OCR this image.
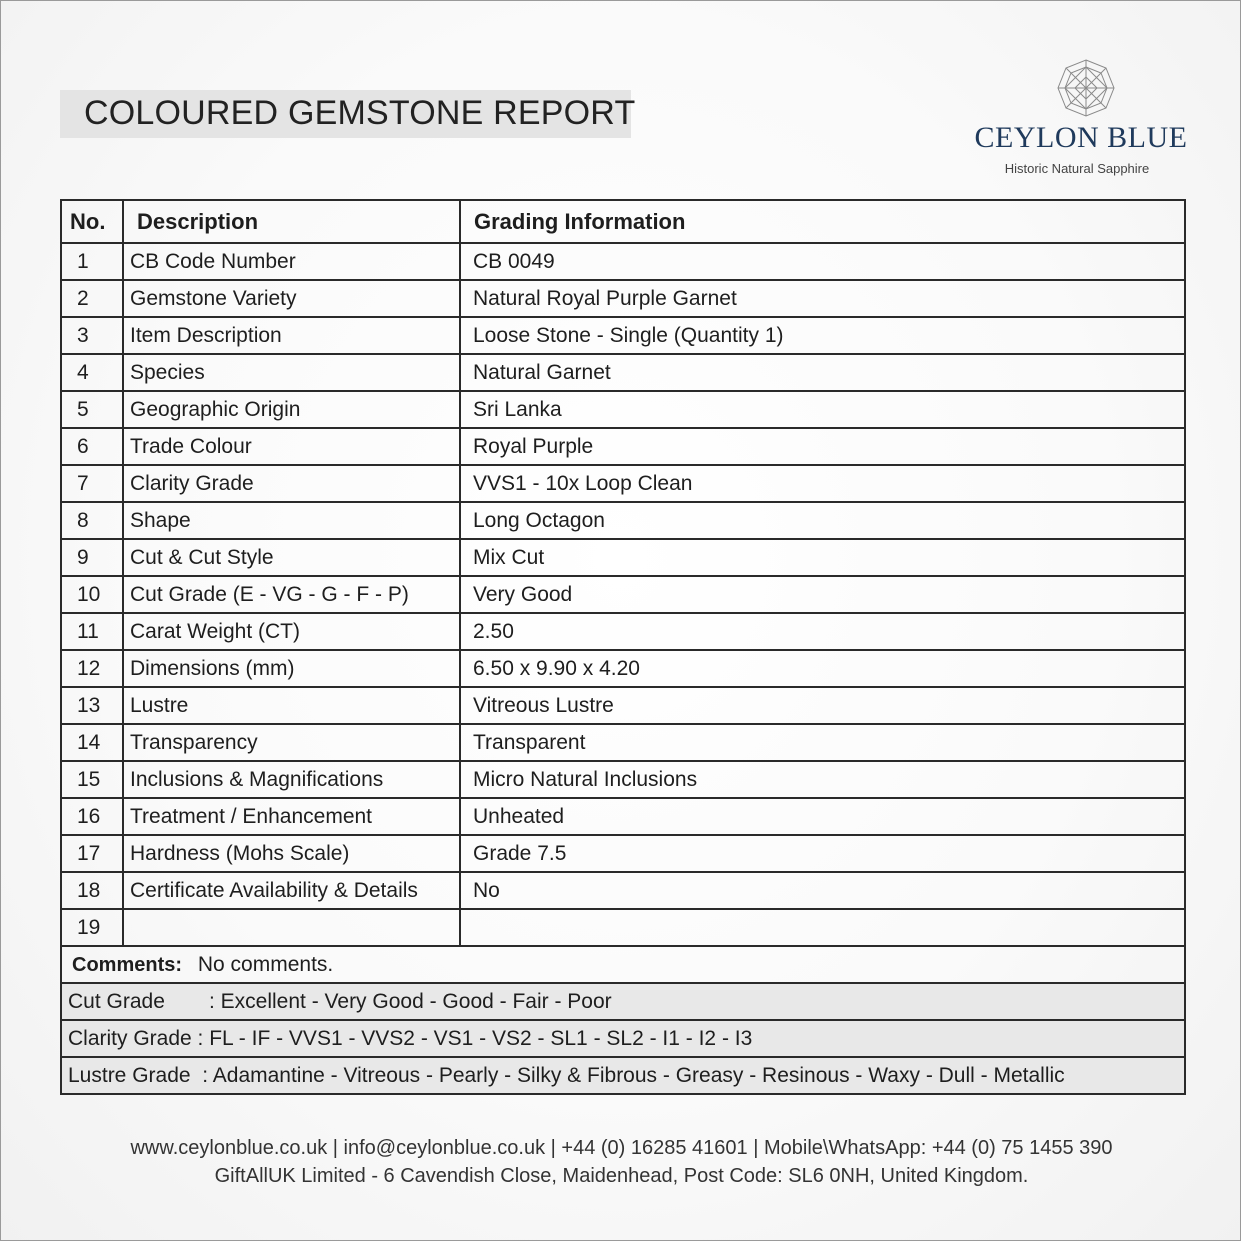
COLOURED GEMSTONE REPORT
CEYLON BLUE
Historic Natural Sapphire
No.	Description	Grading Information
1	CB Code Number	CB 0049
2	Gemstone Variety	Natural Royal Purple Garnet
3	Item Description	Loose Stone - Single (Quantity 1)
4	Species	Natural Garnet
5	Geographic Origin	Sri Lanka
6	Trade Colour	Royal Purple
7	Clarity Grade	VVS1 - 10x Loop Clean
8	Shape	Long Octagon
9	Cut & Cut Style	Mix Cut
10	Cut Grade (E - VG - G - F - P)	Very Good
11	Carat Weight (CT)	2.50
12	Dimensions (mm)	6.50 x 9.90 x 4.20
13	Lustre	Vitreous Lustre
14	Transparency	Transparent
15	Inclusions & Magnifications	Micro Natural Inclusions
16	Treatment / Enhancement	Unheated
17	Hardness (Mohs Scale)	Grade 7.5
18	Certificate Availability & Details	No
19		
Comments: No comments.		
Cut Grade : Excellent - Very Good - Good - Fair - Poor		
Clarity Grade : FL - IF - VVS1 - VVS2 - VS1 - VS2 - SL1 - SL2 - I1 - I2 - I3		
Lustre Grade : Adamantine - Vitreous - Pearly - Silky & Fibrous - Greasy - Resinous - Waxy - Dull - Metallic		
www.ceylonblue.co.uk | info@ceylonblue.co.uk | +44 (0) 16285 41601 | Mobile\WhatsApp: +44 (0) 75 1455 390
GiftAllUK Limited - 6 Cavendish Close, Maidenhead, Post Code: SL6 0NH, United Kingdom.
